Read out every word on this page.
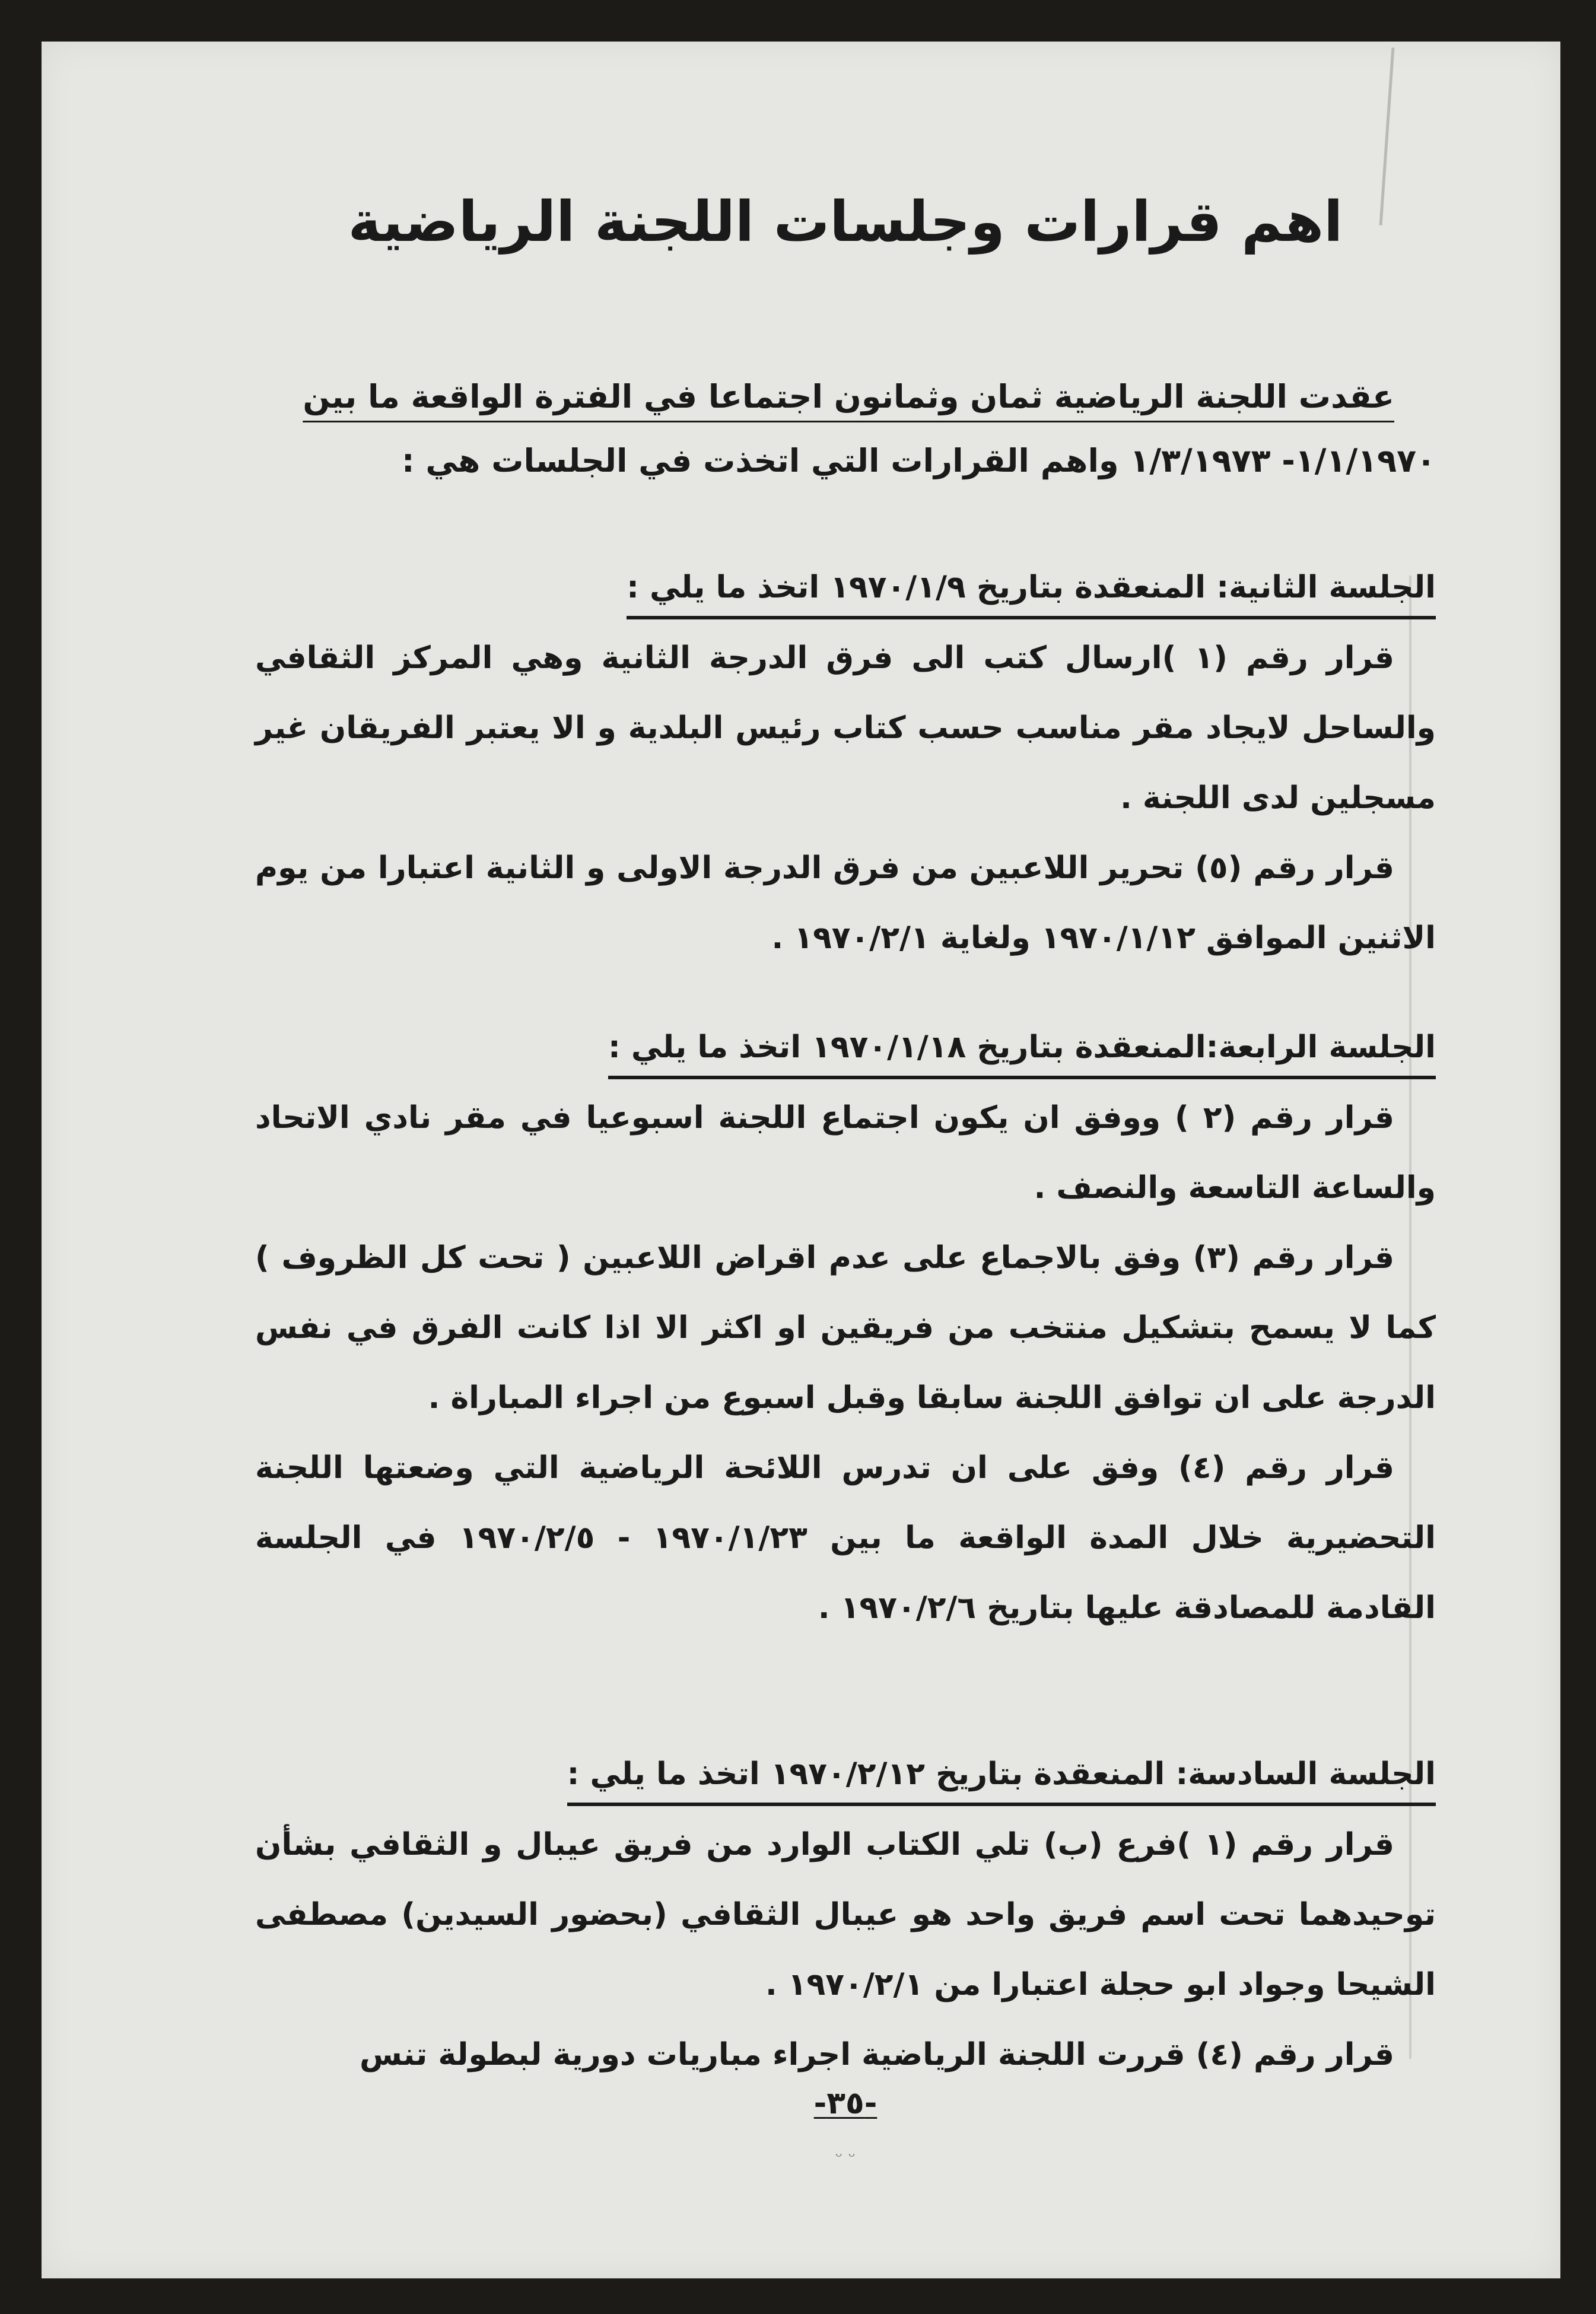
اهم قرارات وجلسات اللجنة الرياضية
عقدت اللجنة الرياضية ثمان وثمانون اجتماعا في الفترة الواقعة ما بين
١/١/١٩٧٠- ١/٣/١٩٧٣ واهم القرارات التي اتخذت في الجلسات هي :
الجلسة الثانية: المنعقدة بتاريخ ١٩٧٠/١/٩ اتخذ ما يلي :

قرار رقم (١ )ارسال كتب الى فرق الدرجة الثانية وهي المركز الثقافي والساحل لايجاد مقر مناسب حسب كتاب رئيس البلدية و الا يعتبر الفريقان غير مسجلين لدى اللجنة .

قرار رقم (٥) تحرير اللاعبين من فرق الدرجة الاولى و الثانية اعتبارا من يوم الاثنين الموافق ١٩٧٠/١/١٢ ولغاية ١٩٧٠/٢/١ .

الجلسة الرابعة:المنعقدة بتاريخ ١٩٧٠/١/١٨ اتخذ ما يلي :

قرار رقم (٢ ) ووفق ان يكون اجتماع اللجنة اسبوعيا في مقر نادي الاتحاد والساعة التاسعة والنصف .

قرار رقم (٣) وفق بالاجماع على عدم اقراض اللاعبين ( تحت كل الظروف ) كما لا يسمح بتشكيل منتخب من فريقين او اكثر الا اذا كانت الفرق في نفس الدرجة على ان توافق اللجنة سابقا وقبل اسبوع من اجراء المباراة .

قرار رقم (٤) وفق على ان تدرس اللائحة الرياضية التي وضعتها اللجنة التحضيرية خلال المدة الواقعة ما بين ١٩٧٠/١/٢٣ - ١٩٧٠/٢/٥ في الجلسة القادمة للمصادقة عليها بتاريخ ١٩٧٠/٢/٦ .

الجلسة السادسة: المنعقدة بتاريخ ١٩٧٠/٢/١٢ اتخذ ما يلي :

قرار رقم (١ )فرع (ب) تلي الكتاب الوارد من فريق عيبال و الثقافي بشأن توحيدهما تحت اسم فريق واحد هو عيبال الثقافي (بحضور السيدين) مصطفى الشيحا وجواد ابو حجلة اعتبارا من ١٩٧٠/٢/١ .

قرار رقم (٤) قررت اللجنة الرياضية اجراء مباريات دورية لبطولة تنس

-٣٥-

ᵕ ᵕ
